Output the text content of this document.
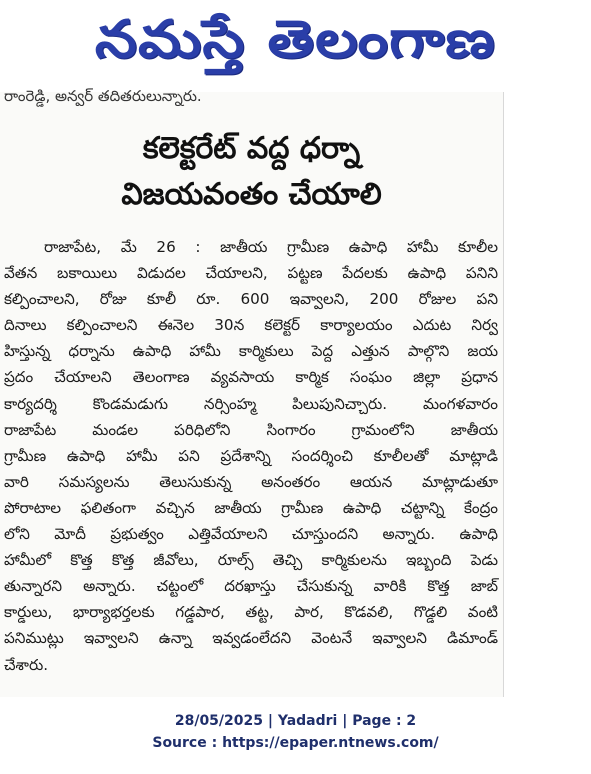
నమస్తే తెలంగాణ
రాంరెడ్డి, అన్వర్ తదితరులున్నారు.
కలెక్టరేట్ వద్ద ధర్నా
విజయవంతం చేయాలి
రాజాపేట, మే 26 : జాతీయ గ్రామీణ ఉపాధి హామీ కూలీల
వేతన బకాయిలు విడుదల చేయాలని, పట్టణ పేదలకు ఉపాధి పనిని
కల్పించాలని, రోజు కూలీ రూ. 600 ఇవ్వాలని, 200 రోజుల పని
దినాలు కల్పించాలని ఈనెల 30న కలెక్టర్ కార్యాలయం ఎదుట నిర్వ
హిస్తున్న ధర్నాను ఉపాధి హామీ కార్మికులు పెద్ద ఎత్తున పాల్గొని జయ
ప్రదం చేయాలని తెలంగాణ వ్యవసాయ కార్మిక సంఘం జిల్లా ప్రధాన
కార్యదర్శి కొండమడుగు నర్సింహ్మ పిలుపునిచ్చారు. మంగళవారం
రాజాపేట మండల పరిధిలోని సింగారం గ్రామంలోని జాతీయ
గ్రామీణ ఉపాధి హామీ పని ప్రదేశాన్ని సందర్శించి కూలీలతో మాట్లాడి
వారి సమస్యలను తెలుసుకున్న అనంతరం ఆయన మాట్లాడుతూ
పోరాటాల ఫలితంగా వచ్చిన జాతీయ గ్రామీణ ఉపాధి చట్టాన్ని కేంద్రం
లోని మోదీ ప్రభుత్వం ఎత్తివేయాలని చూస్తుందని అన్నారు. ఉపాధి
హామీలో కొత్త కొత్త జీవోలు, రూల్స్ తెచ్చి కార్మికులను ఇబ్బంది పెడు
తున్నారని అన్నారు. చట్టంలో దరఖాస్తు చేసుకున్న వారికి కొత్త జాబ్
కార్డులు, భార్యాభర్తలకు గడ్డపార, తట్ట, పార, కొడవలి, గొడ్డలి వంటి
పనిముట్లు ఇవ్వాలని ఉన్నా ఇవ్వడంలేదని వెంటనే ఇవ్వాలని డిమాండ్
చేశారు.
28/05/2025 | Yadadri | Page : 2
Source : https://epaper.ntnews.com/
